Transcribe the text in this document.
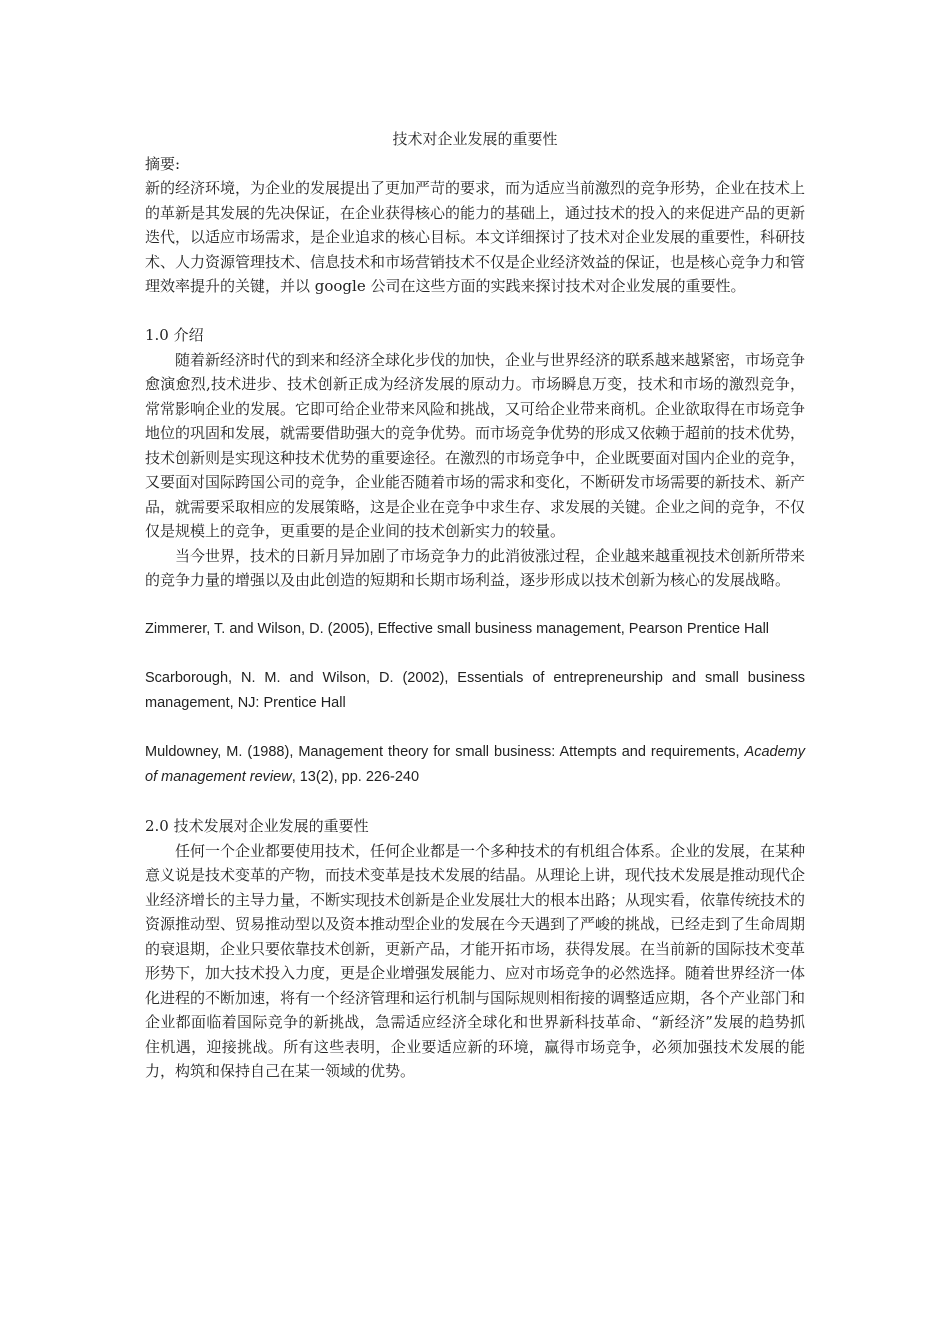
技术对企业发展的重要性

摘要:

新的经济环境，为企业的发展提出了更加严苛的要求，而为适应当前激烈的竞争形势，企业在技术上的革新是其发展的先决保证，在企业获得核心的能力的基础上，通过技术的投入的来促进产品的更新迭代，以适应市场需求，是企业追求的核心目标。本文详细探讨了技术对企业发展的重要性，科研技术、人力资源管理技术、信息技术和市场营销技术不仅是企业经济效益的保证，也是核心竞争力和管理效率提升的关键，并以 google 公司在这些方面的实践来探讨技术对企业发展的重要性。

1.0 介绍

随着新经济时代的到来和经济全球化步伐的加快，企业与世界经济的联系越来越紧密，市场竞争愈演愈烈,技术进步、技术创新正成为经济发展的原动力。市场瞬息万变，技术和市场的激烈竞争，常常影响企业的发展。它即可给企业带来风险和挑战，又可给企业带来商机。企业欲取得在市场竞争地位的巩固和发展，就需要借助强大的竞争优势。而市场竞争优势的形成又依赖于超前的技术优势，技术创新则是实现这种技术优势的重要途径。在激烈的市场竞争中，企业既要面对国内企业的竞争，又要面对国际跨国公司的竞争，企业能否随着市场的需求和变化，不断研发市场需要的新技术、新产品，就需要采取相应的发展策略，这是企业在竞争中求生存、求发展的关键。企业之间的竞争，不仅仅是规模上的竞争，更重要的是企业间的技术创新实力的较量。

当今世界，技术的日新月异加剧了市场竞争力的此消彼涨过程，企业越来越重视技术创新所带来的竞争力量的增强以及由此创造的短期和长期市场利益，逐步形成以技术创新为核心的发展战略。

Zimmerer, T. and Wilson, D. (2005), Effective small business management, Pearson Prentice Hall

Scarborough, N. M. and Wilson, D. (2002), Essentials of entrepreneurship and small business management, NJ: Prentice Hall

Muldowney, M. (1988), Management theory for small business: Attempts and requirements, Academy of management review, 13(2), pp. 226-240

2.0 技术发展对企业发展的重要性

任何一个企业都要使用技术，任何企业都是一个多种技术的有机组合体系。企业的发展，在某种意义说是技术变革的产物，而技术变革是技术发展的结晶。从理论上讲，现代技术发展是推动现代企业经济增长的主导力量，不断实现技术创新是企业发展壮大的根本出路；从现实看，依靠传统技术的资源推动型、贸易推动型以及资本推动型企业的发展在今天遇到了严峻的挑战，已经走到了生命周期的衰退期，企业只要依靠技术创新，更新产品，才能开拓市场，获得发展。在当前新的国际技术变革形势下，加大技术投入力度，更是企业增强发展能力、应对市场竞争的必然选择。随着世界经济一体化进程的不断加速，将有一个经济管理和运行机制与国际规则相衔接的调整适应期，各个产业部门和企业都面临着国际竞争的新挑战，急需适应经济全球化和世界新科技革命、“新经济”发展的趋势抓住机遇，迎接挑战。所有这些表明，企业要适应新的环境，赢得市场竞争，必须加强技术发展的能力，构筑和保持自己在某一领域的优势。
